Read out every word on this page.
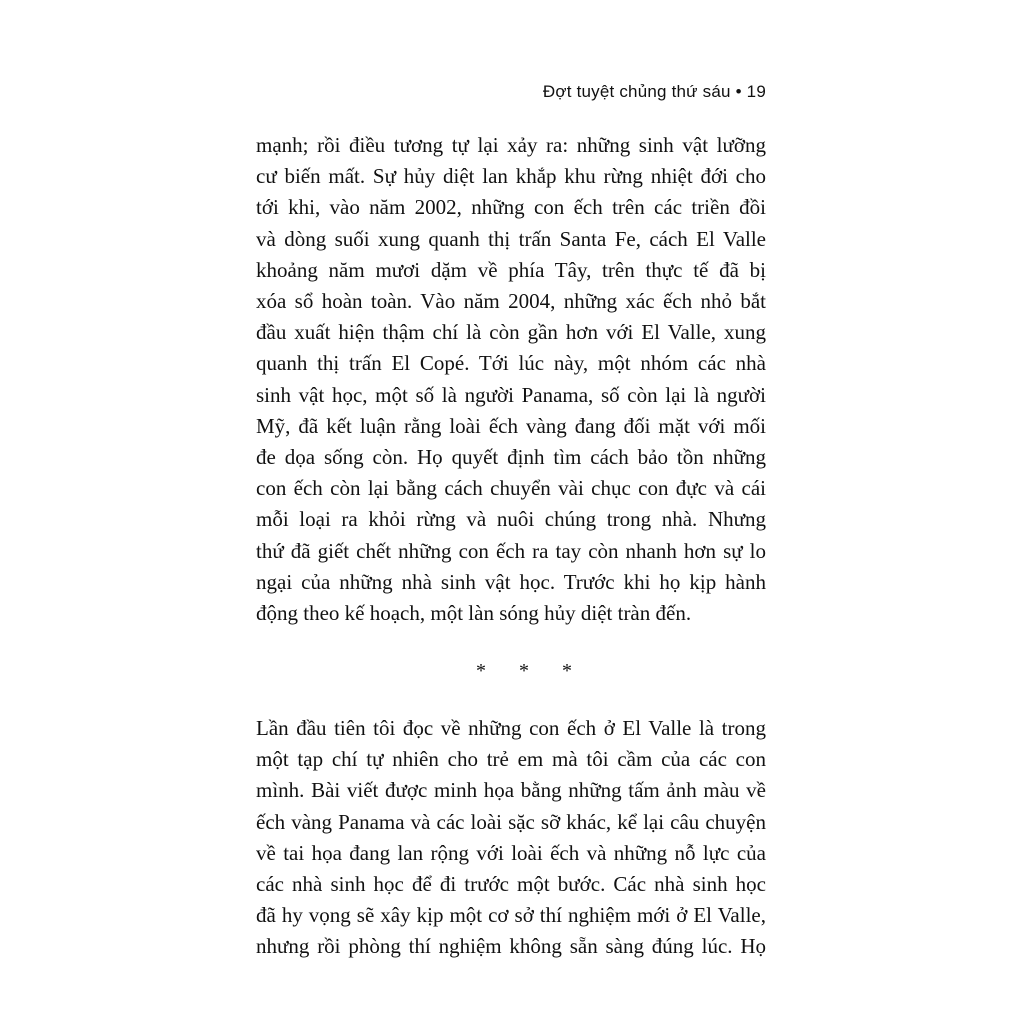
Đợt tuyệt chủng thứ sáu • 19
mạnh; rồi điều tương tự lại xảy ra: những sinh vật lưỡng
cư biến mất. Sự hủy diệt lan khắp khu rừng nhiệt đới cho
tới khi, vào năm 2002, những con ếch trên các triền đồi
và dòng suối xung quanh thị trấn Santa Fe, cách El Valle
khoảng năm mươi dặm về phía Tây, trên thực tế đã bị
xóa sổ hoàn toàn. Vào năm 2004, những xác ếch nhỏ bắt
đầu xuất hiện thậm chí là còn gần hơn với El Valle, xung
quanh thị trấn El Copé. Tới lúc này, một nhóm các nhà
sinh vật học, một số là người Panama, số còn lại là người
Mỹ, đã kết luận rằng loài ếch vàng đang đối mặt với mối
đe dọa sống còn. Họ quyết định tìm cách bảo tồn những
con ếch còn lại bằng cách chuyển vài chục con đực và cái
mỗi loại ra khỏi rừng và nuôi chúng trong nhà. Nhưng
thứ đã giết chết những con ếch ra tay còn nhanh hơn sự lo
ngại của những nhà sinh vật học. Trước khi họ kịp hành
động theo kế hoạch, một làn sóng hủy diệt tràn đến.
* * *
Lần đầu tiên tôi đọc về những con ếch ở El Valle là trong
một tạp chí tự nhiên cho trẻ em mà tôi cầm của các con
mình. Bài viết được minh họa bằng những tấm ảnh màu về
ếch vàng Panama và các loài sặc sỡ khác, kể lại câu chuyện
về tai họa đang lan rộng với loài ếch và những nỗ lực của
các nhà sinh học để đi trước một bước. Các nhà sinh học
đã hy vọng sẽ xây kịp một cơ sở thí nghiệm mới ở El Valle,
nhưng rồi phòng thí nghiệm không sẵn sàng đúng lúc. Họ
